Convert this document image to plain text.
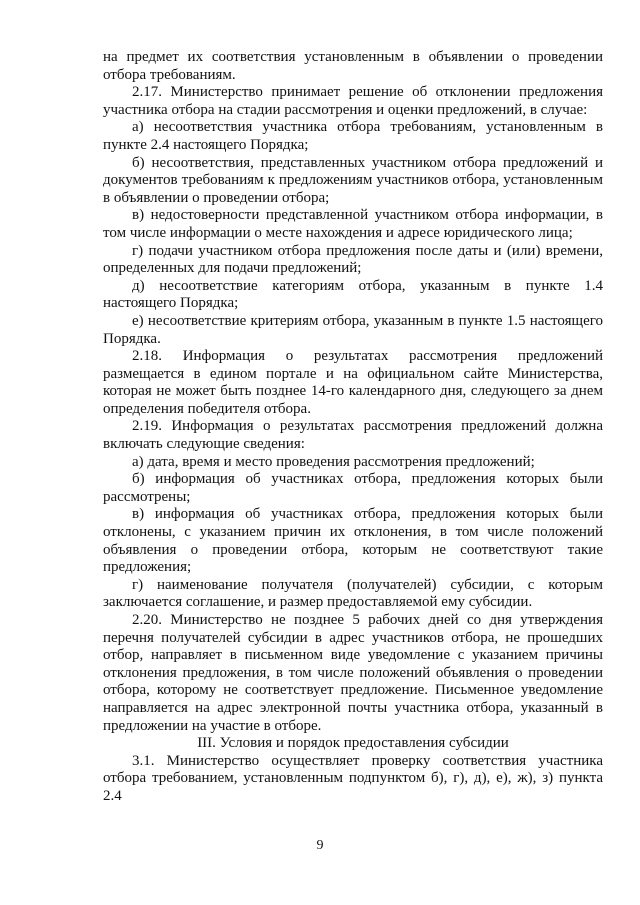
на предмет их соответствия установленным в объявлении о проведении отбора требованиям.

2.17. Министерство принимает решение об отклонении предложения участника отбора на стадии рассмотрения и оценки предложений, в случае:

а) несоответствия участника отбора требованиям, установленным в пункте 2.4 настоящего Порядка;

б) несоответствия, представленных участником отбора предложений и документов требованиям к предложениям участников отбора, установленным в объявлении о проведении отбора;

в) недостоверности представленной участником отбора информации, в том числе информации о месте нахождения и адресе юридического лица;

г) подачи участником отбора предложения после даты и (или) времени, определенных для подачи предложений;

д) несоответствие категориям отбора, указанным в пункте 1.4 настоящего Порядка;

е) несоответствие критериям отбора, указанным в пункте 1.5 настоящего Порядка.

2.18. Информация о результатах рассмотрения предложений размещается в едином портале и на официальном сайте Министерства, которая не может быть позднее 14-го календарного дня, следующего за днем определения победителя отбора.

2.19. Информация о результатах рассмотрения предложений должна включать следующие сведения:

а) дата, время и место проведения рассмотрения предложений;

б) информация об участниках отбора, предложения которых были рассмотрены;

в) информация об участниках отбора, предложения которых были отклонены, с указанием причин их отклонения, в том числе положений объявления о проведении отбора, которым не соответствуют такие предложения;

г) наименование получателя (получателей) субсидии, с которым заключается соглашение, и размер предоставляемой ему субсидии.

2.20. Министерство не позднее 5 рабочих дней со дня утверждения перечня получателей субсидии в адрес участников отбора, не прошедших отбор, направляет в письменном виде уведомление с указанием причины отклонения предложения, в том числе положений объявления о проведении отбора, которому не соответствует предложение. Письменное уведомление направляется на адрес электронной почты участника отбора, указанный в предложении на участие в отборе.

III. Условия и порядок предоставления субсидии

3.1. Министерство осуществляет проверку соответствия участника отбора требованием, установленным подпунктом б), г), д), е), ж), з) пункта 2.4

9
